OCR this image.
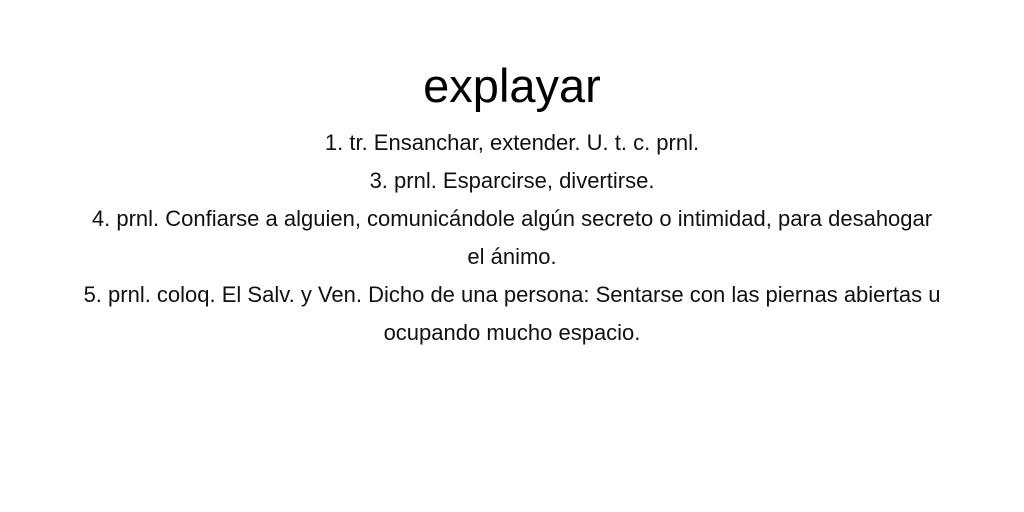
explayar
1. tr. Ensanchar, extender. U. t. c. prnl.
3. prnl. Esparcirse, divertirse.
4. prnl. Confiarse a alguien, comunicándole algún secreto o intimidad, para desahogar el ánimo.
5. prnl. coloq. El Salv. y Ven. Dicho de una persona: Sentarse con las piernas abiertas u ocupando mucho espacio.
